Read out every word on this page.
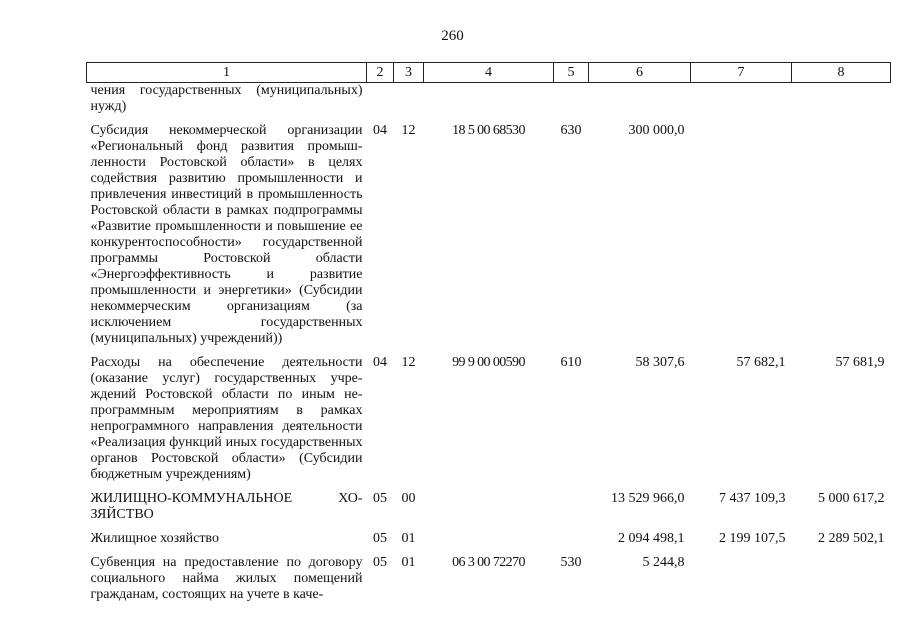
260
1	2	3	4	5	6	7	8
чения государственных (муниципальных) нужд)							
Субсидия некоммерческой организации «Региональный фонд развития промышленности Ростовской области» в целях содействия развитию промышленности и привлечения инвестиций в промышленность Ростовской области в рамках подпрограммы «Развитие промышленности и повышение ее конкурентоспособности» государственной программы Ростовской области «Энергоэффективность и развитие промышленности и энергетики» (Субсидии некоммерческим организациям (за исключением государственных (муниципальных) учреждений))	04	12	18 5 00 68530	630	300 000,0		
Расходы на обеспечение деятельности (оказание услуг) государственных учреждений Ростовской области по иным непрограммным мероприятиям в рамках непрограммного направления деятельности «Реализация функций иных государственных органов Ростовской области» (Субсидии бюджетным учреждениям)	04	12	99 9 00 00590	610	58 307,6	57 682,1	57 681,9
ЖИЛИЩНО-КОММУНАЛЬНОЕ ХОЗЯЙСТВО	05	00			13 529 966,0	7 437 109,3	5 000 617,2
Жилищное хозяйство	05	01			2 094 498,1	2 199 107,5	2 289 502,1
Субвенция на предоставление по договору социального найма жилых помещений гражданам, состоящих на учете в каче-	05	01	06 3 00 72270	530	5 244,8		
